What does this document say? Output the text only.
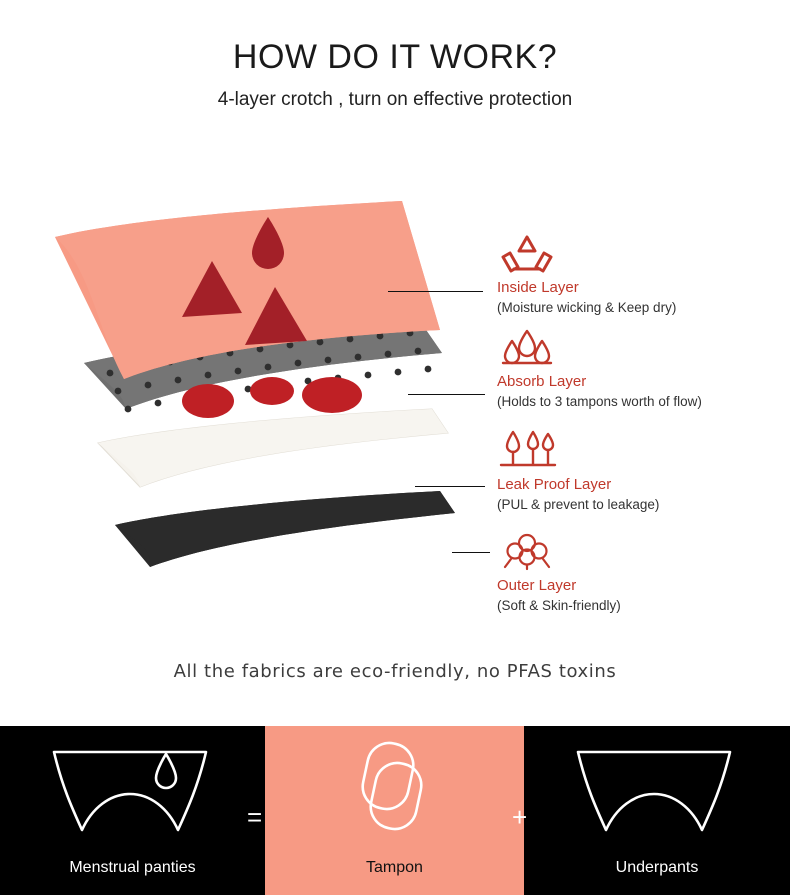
HOW DO IT WORK?
4-layer crotch , turn on effective protection

Inside Layer

(Moisture wicking & Keep dry)

Absorb Layer

(Holds to 3 tampons worth of flow)

Leak Proof Layer

(PUL & prevent to leakage)

Outer Layer

(Soft & Skin-friendly)

All the fabrics are eco-friendly, no PFAS toxins
Menstrual panties
=
Tampon
+
Underpants
